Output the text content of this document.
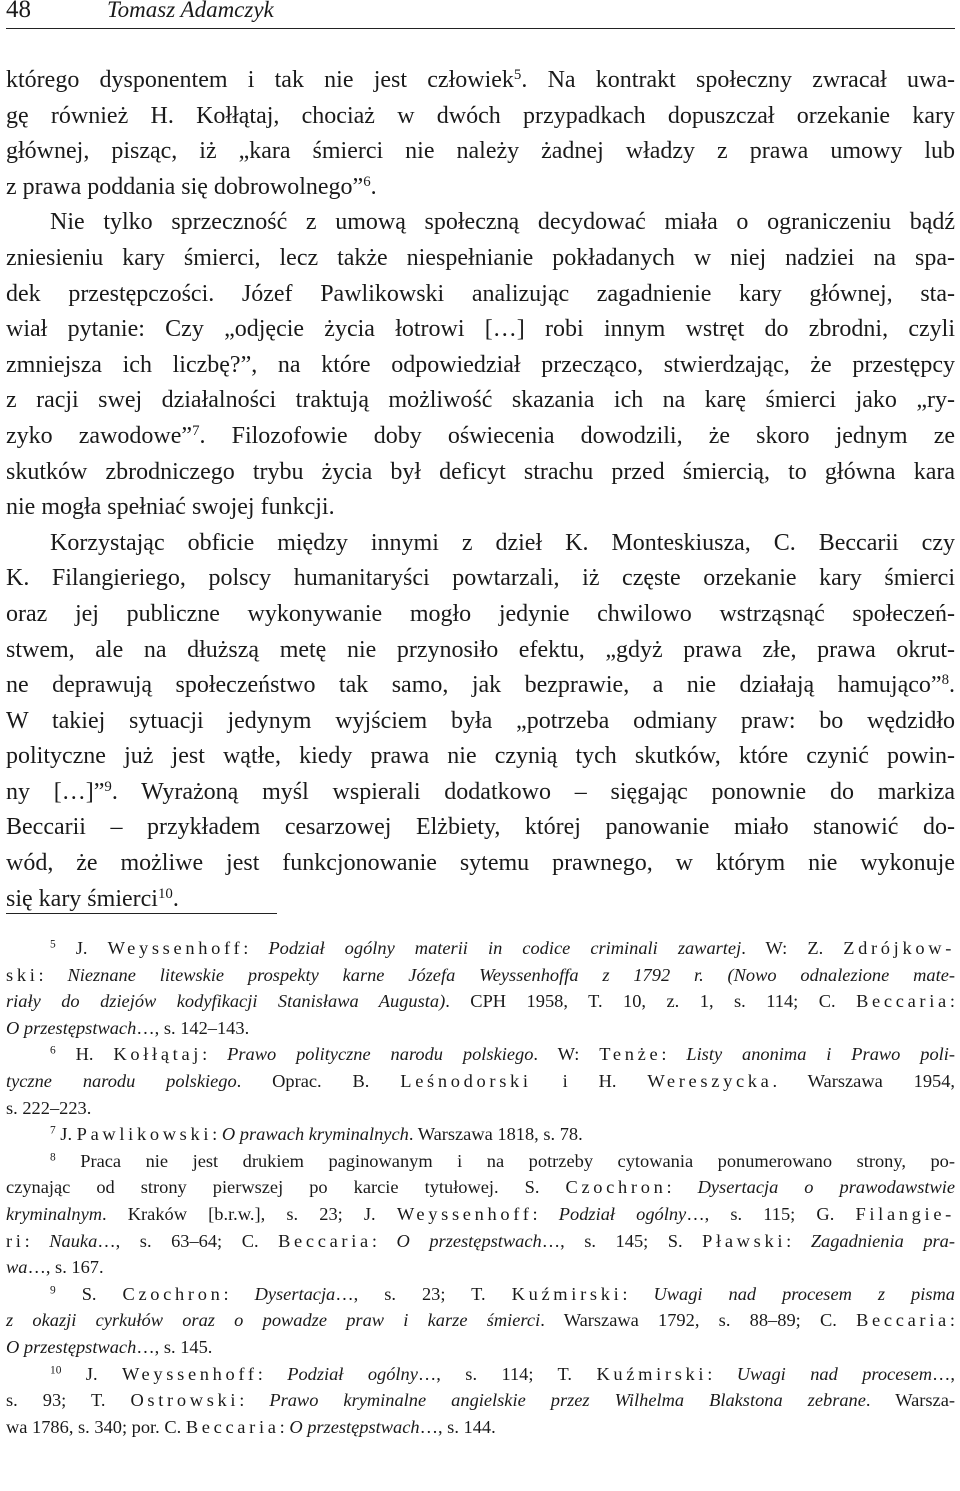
48	Tomasz Adamczyk
którego dysponentem i tak nie jest człowiek$^5$. Na kontrakt społeczny zwracał uwa-
gę również H. Kołłątaj, chociaż w dwóch przypadkach dopuszczał orzekanie kary
głównej, pisząc, iż „kara śmierci nie należy żadnej władzy z prawa umowy lub
z prawa poddania się dobrowolnego”$^6$.
Nie tylko sprzeczność z umową społeczną decydować miała o ograniczeniu bądź
zniesieniu kary śmierci, lecz także niespełnianie pokładanych w niej nadziei na spa-
dek przestępczości. Józef Pawlikowski analizując zagadnienie kary głównej, sta-
wiał pytanie: Czy „odjęcie życia łotrowi […] robi innym wstręt do zbrodni, czyli
zmniejsza ich liczbę?”, na które odpowiedział przecząco, stwierdzając, że przestępcy
z racji swej działalności traktują możliwość skazania ich na karę śmierci jako „ry-
zyko zawodowe”$^7$. Filozofowie doby oświecenia dowodzili, że skoro jednym ze
skutków zbrodniczego trybu życia był deficyt strachu przed śmiercią, to główna kara
nie mogła spełniać swojej funkcji.
Korzystając obficie między innymi z dzieł K. Monteskiusza, C. Beccarii czy
K. Filangieriego, polscy humanitaryści powtarzali, iż częste orzekanie kary śmierci
oraz jej publiczne wykonywanie mogło jedynie chwilowo wstrząsnąć społeczeń-
stwem, ale na dłuższą metę nie przynosiło efektu, „gdyż prawa złe, prawa okrut-
ne deprawują społeczeństwo tak samo, jak bezprawie, a nie działają hamująco”$^8$.
W takiej sytuacji jedynym wyjściem była „potrzeba odmiany praw: bo wędzidło
polityczne już jest wątłe, kiedy prawa nie czynią tych skutków, które czynić powin-
ny […]”$^9$. Wyrażoną myśl wspierali dodatkowo – sięgając ponownie do markiza
Beccarii – przykładem cesarzowej Elżbiety, której panowanie miało stanowić do-
wód, że możliwe jest funkcjonowanie sytemu prawnego, w którym nie wykonuje
się kary śmierci$^{10}$.
$^5$ J. Weyssenhoff: Podział ogólny materii in codice criminali zawartej. W: Z. Zdrójkow-
ski: Nieznane litewskie prospekty karne Józefa Weyssenhoffa z 1792 r. (Nowo odnalezione mate-
riały do dziejów kodyfikacji Stanisława Augusta). CPH 1958, T. 10, z. 1, s. 114; C. Beccaria:
O przestępstwach…, s. 142–143.
$^6$ H. Kołłątaj: Prawo polityczne narodu polskiego. W: Tenże: Listy anonima i Prawo poli-
tyczne narodu polskiego. Oprac. B. Leśnodorski i H. Wereszycka. Warszawa 1954,
s. 222–223.
$^7$ J. Pawlikowski: O prawach kryminalnych. Warszawa 1818, s. 78.
$^8$ Praca nie jest drukiem paginowanym i na potrzeby cytowania ponumerowano strony, po-
czynając od strony pierwszej po karcie tytułowej. S. Czochron: Dysertacja o prawodawstwie
kryminalnym. Kraków [b.r.w.], s. 23; J. Weyssenhoff: Podział ogólny…, s. 115; G. Filangie-
ri: Nauka…, s. 63–64; C. Beccaria: O przestępstwach…, s. 145; S. Pławski: Zagadnienia pra-
wa…, s. 167.
$^9$ S. Czochron: Dysertacja…, s. 23; T. Kuźmirski: Uwagi nad procesem z pisma
z okazji cyrkułów oraz o powadze praw i karze śmierci. Warszawa 1792, s. 88–89; C. Beccaria:
O przestępstwach…, s. 145.
$^{10}$ J. Weyssenhoff: Podział ogólny…, s. 114; T. Kuźmirski: Uwagi nad procesem…,
s. 93; T. Ostrowski: Prawo kryminalne angielskie przez Wilhelma Blakstona zebrane. Warsza-
wa 1786, s. 340; por. C. Beccaria: O przestępstwach…, s. 144.
